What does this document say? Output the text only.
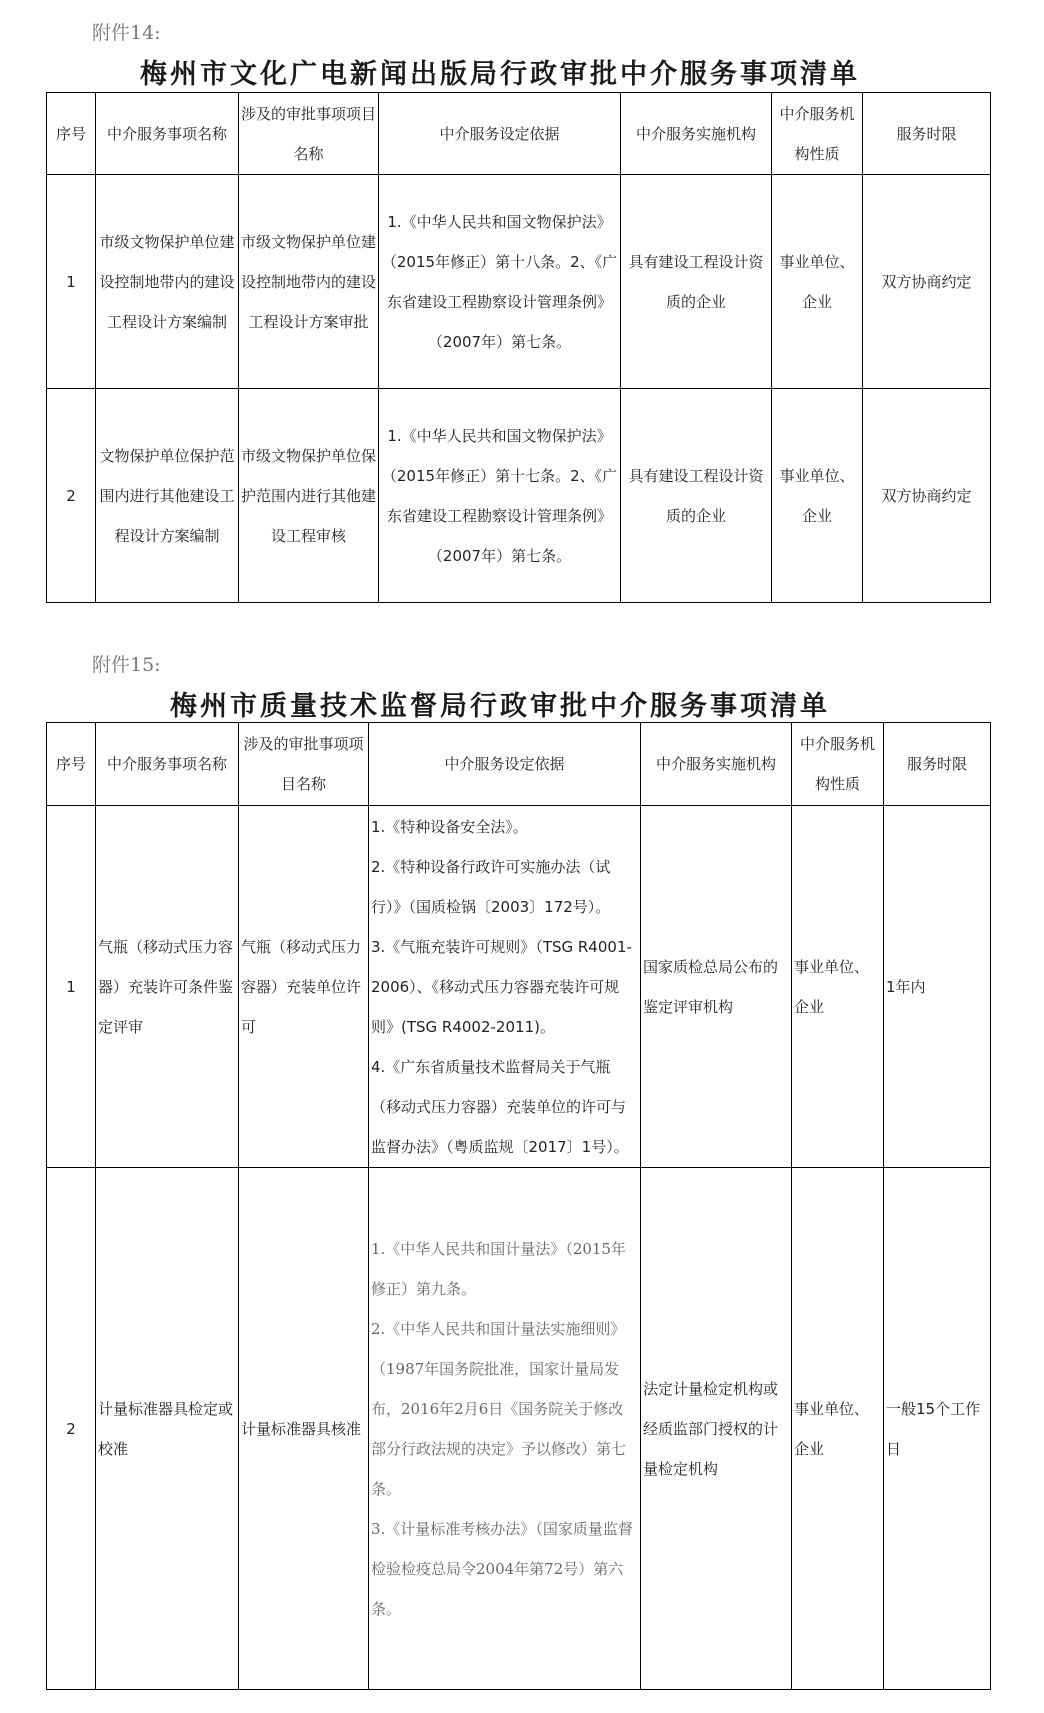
附件14:
梅州市文化广电新闻出版局行政审批中介服务事项清单
序号	中介服务事项名称	涉及的审批事项项目名称	中介服务设定依据	中介服务实施机构	中介服务机构性质	服务时限
1	市级文物保护单位建设控制地带内的建设工程设计方案编制	市级文物保护单位建设控制地带内的建设工程设计方案审批	1.《中华人民共和国文物保护法》（2015年修正）第十八条。2、《广东省建设工程勘察设计管理条例》（2007年）第七条。	具有建设工程设计资质的企业	事业单位、企业	双方协商约定
2	文物保护单位保护范围内进行其他建设工程设计方案编制	市级文物保护单位保护范围内进行其他建设工程审核	1.《中华人民共和国文物保护法》（2015年修正）第十七条。2、《广东省建设工程勘察设计管理条例》（2007年）第七条。	具有建设工程设计资质的企业	事业单位、企业	双方协商约定
附件15:
梅州市质量技术监督局行政审批中介服务事项清单
序号	中介服务事项名称	涉及的审批事项项目名称	中介服务设定依据	中介服务实施机构	中介服务机构性质	服务时限
1	气瓶（移动式压力容器）充装许可条件鉴定评审	气瓶（移动式压力容器）充装单位许可	1.《特种设备安全法》。
2.《特种设备行政许可实施办法（试行）》（国质检锅〔2003〕172号）。
3.《气瓶充装许可规则》（TSG R4001-2006）、《移动式压力容器充装许可规则》(TSG R4002-2011)。
4.《广东省质量技术监督局关于气瓶（移动式压力容器）充装单位的许可与监督办法》（粤质监规〔2017〕1号）。	国家质检总局公布的鉴定评审机构	事业单位、企业	1年内
2	计量标准器具检定或校准	计量标准器具核准	1.《中华人民共和国计量法》（2015年修正）第九条。
2.《中华人民共和国计量法实施细则》（1987年国务院批准，国家计量局发布，2016年2月6日《国务院关于修改部分行政法规的决定》予以修改）第七条。
3.《计量标准考核办法》（国家质量监督检验检疫总局令2004年第72号）第六条。	法定计量检定机构或经质监部门授权的计量检定机构	事业单位、企业	一般15个工作日
